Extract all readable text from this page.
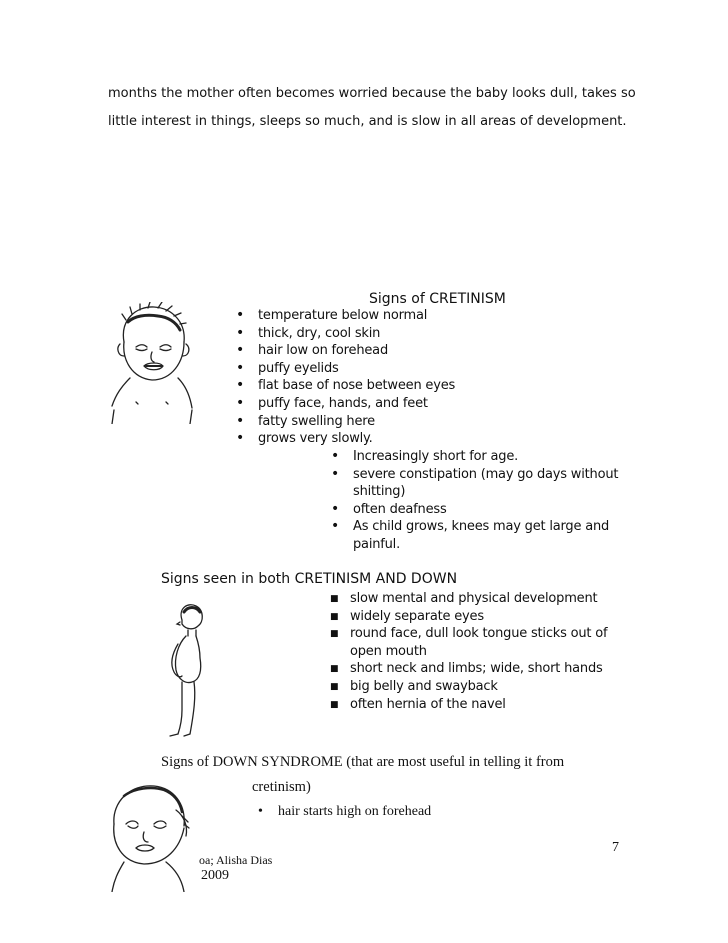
months the mother often becomes worried because the baby looks dull, takes so
little interest in things, sleeps so much, and is slow in all areas of development.
Signs of CRETINISM
• temperature below normal
• thick, dry, cool skin
• hair low on forehead
• puffy eyelids
• flat base of nose between eyes
• puffy face, hands, and feet
• fatty swelling here
• grows very slowly.
• Increasingly short for age.
• severe constipation (may go days without shitting)
• often deafness
• As child grows, knees may get large and painful.
Signs seen in both CRETINISM AND DOWN
■ slow mental and physical development
■ widely separate eyes
■ round face, dull look tongue sticks out of open mouth
■ short neck and limbs; wide, short hands
■ big belly and swayback
■ often hernia of the navel
Signs of DOWN SYNDROME (that are most useful in telling it from
cretinism)
• hair starts high on forehead
oa; Alisha Dias
2009
7
